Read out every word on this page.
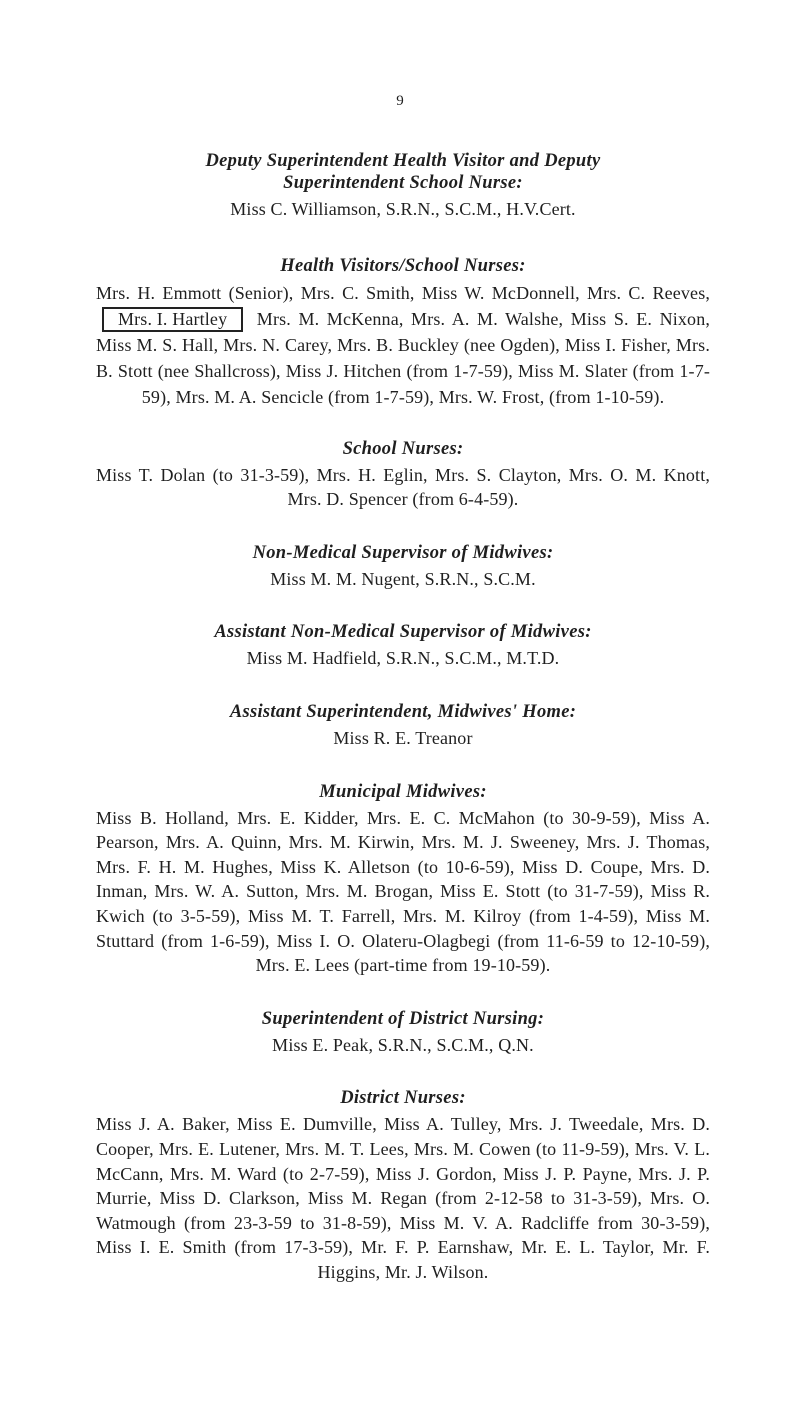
9

Deputy Superintendent Health Visitor and Deputy
Superintendent School Nurse:

Miss C. Williamson, S.R.N., S.C.M., H.V.Cert.

Health Visitors/School Nurses:

Mrs. H. Emmott (Senior), Mrs. C. Smith, Miss W. McDonnell, Mrs. C. Reeves, Mrs. I. Hartley Mrs. M. McKenna, Mrs. A. M. Walshe, Miss S. E. Nixon, Miss M. S. Hall, Mrs. N. Carey, Mrs. B. Buckley (nee Ogden), Miss I. Fisher, Mrs. B. Stott (nee Shallcross), Miss J. Hitchen (from 1-7-59), Miss M. Slater (from 1-7-59), Mrs. M. A. Sencicle (from 1-7-59), Mrs. W. Frost, (from 1-10-59).

School Nurses:

Miss T. Dolan (to 31-3-59), Mrs. H. Eglin, Mrs. S. Clayton, Mrs. O. M. Knott, Mrs. D. Spencer (from 6-4-59).

Non-Medical Supervisor of Midwives:

Miss M. M. Nugent, S.R.N., S.C.M.

Assistant Non-Medical Supervisor of Midwives:

Miss M. Hadfield, S.R.N., S.C.M., M.T.D.

Assistant Superintendent, Midwives' Home:

Miss R. E. Treanor

Municipal Midwives:

Miss B. Holland, Mrs. E. Kidder, Mrs. E. C. McMahon (to 30-9-59), Miss A. Pearson, Mrs. A. Quinn, Mrs. M. Kirwin, Mrs. M. J. Sweeney, Mrs. J. Thomas, Mrs. F. H. M. Hughes, Miss K. Alletson (to 10-6-59), Miss D. Coupe, Mrs. D. Inman, Mrs. W. A. Sutton, Mrs. M. Brogan, Miss E. Stott (to 31-7-59), Miss R. Kwich (to 3-5-59), Miss M. T. Farrell, Mrs. M. Kilroy (from 1-4-59), Miss M. Stuttard (from 1-6-59), Miss I. O. Olateru-Olagbegi (from 11-6-59 to 12-10-59), Mrs. E. Lees (part-time from 19-10-59).

Superintendent of District Nursing:

Miss E. Peak, S.R.N., S.C.M., Q.N.

District Nurses:

Miss J. A. Baker, Miss E. Dumville, Miss A. Tulley, Mrs. J. Tweedale, Mrs. D. Cooper, Mrs. E. Lutener, Mrs. M. T. Lees, Mrs. M. Cowen (to 11-9-59), Mrs. V. L. McCann, Mrs. M. Ward (to 2-7-59), Miss J. Gordon, Miss J. P. Payne, Mrs. J. P. Murrie, Miss D. Clarkson, Miss M. Regan (from 2-12-58 to 31-3-59), Mrs. O. Watmough (from 23-3-59 to 31-8-59), Miss M. V. A. Radcliffe from 30-3-59), Miss I. E. Smith (from 17-3-59), Mr. F. P. Earnshaw, Mr. E. L. Taylor, Mr. F. Higgins, Mr. J. Wilson.
